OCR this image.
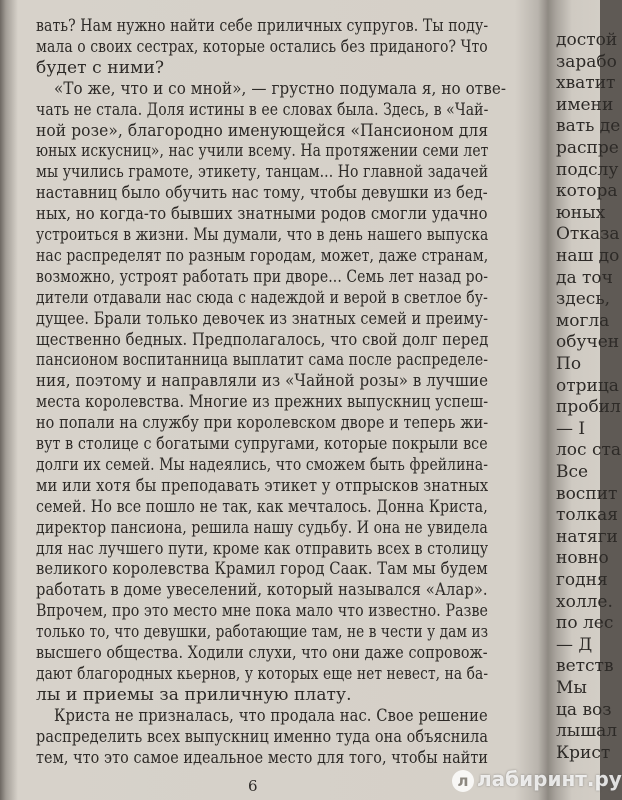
вать? Нам нужно найти себе приличных супругов. Ты поду-
мала о своих сестрах, которые остались без приданого? Что
будет с ними?
«То же, что и со мной», — грустно подумала я, но отве-
чать не стала. Доля истины в ее словах была. Здесь, в «Чай-
ной розе», благородно именующейся «Пансионом для
юных искусниц», нас учили всему. На протяжении семи лет
мы учились грамоте, этикету, танцам... Но главной задачей
наставниц было обучить нас тому, чтобы девушки из бед-
ных, но когда-то бывших знатными родов смогли удачно
устроиться в жизни. Мы думали, что в день нашего выпуска
нас распределят по разным городам, может, даже странам,
возможно, устроят работать при дворе... Семь лет назад ро-
дители отдавали нас сюда с надеждой и верой в светлое бу-
дущее. Брали только девочек из знатных семей и преиму-
щественно бедных. Предполагалось, что свой долг перед
пансионом воспитанница выплатит сама после распределе-
ния, поэтому и направляли из «Чайной розы» в лучшие
места королевства. Многие из прежних выпускниц успеш-
но попали на службу при королевском дворе и теперь жи-
вут в столице с богатыми супругами, которые покрыли все
долги их семей. Мы надеялись, что сможем быть фрейлина-
ми или хотя бы преподавать этикет у отпрысков знатных
семей. Но все пошло не так, как мечталось. Донна Криста,
директор пансиона, решила нашу судьбу. И она не увидела
для нас лучшего пути, кроме как отправить всех в столицу
великого королевства Крамил город Саак. Там мы будем
работать в доме увеселений, который назывался «Алар».
Впрочем, про это место мне пока мало что известно. Разве
только то, что девушки, работающие там, не в чести у дам из
высшего общества. Ходили слухи, что они даже сопровож-
дают благородных кьернов, у которых еще нет невест, на ба-
лы и приемы за приличную плату.
Криста не призналась, что продала нас. Свое решение
распределить всех выпускниц именно туда она объяснила
тем, что это самое идеальное место для того, чтобы найти
6
достой
зарабо
хватит
имени
вать де
распре
подслу
котора
юных
Отказа
наш до
да точ
здесь,
могла
обучен
По
отрица
пробил
— I
лос ста
Все
воспит
толкая
натяги
новно
годня
холле.
по лес
— Д
ветств
Мы
ца воз
лышал
Крист
л лабиринт.ру
